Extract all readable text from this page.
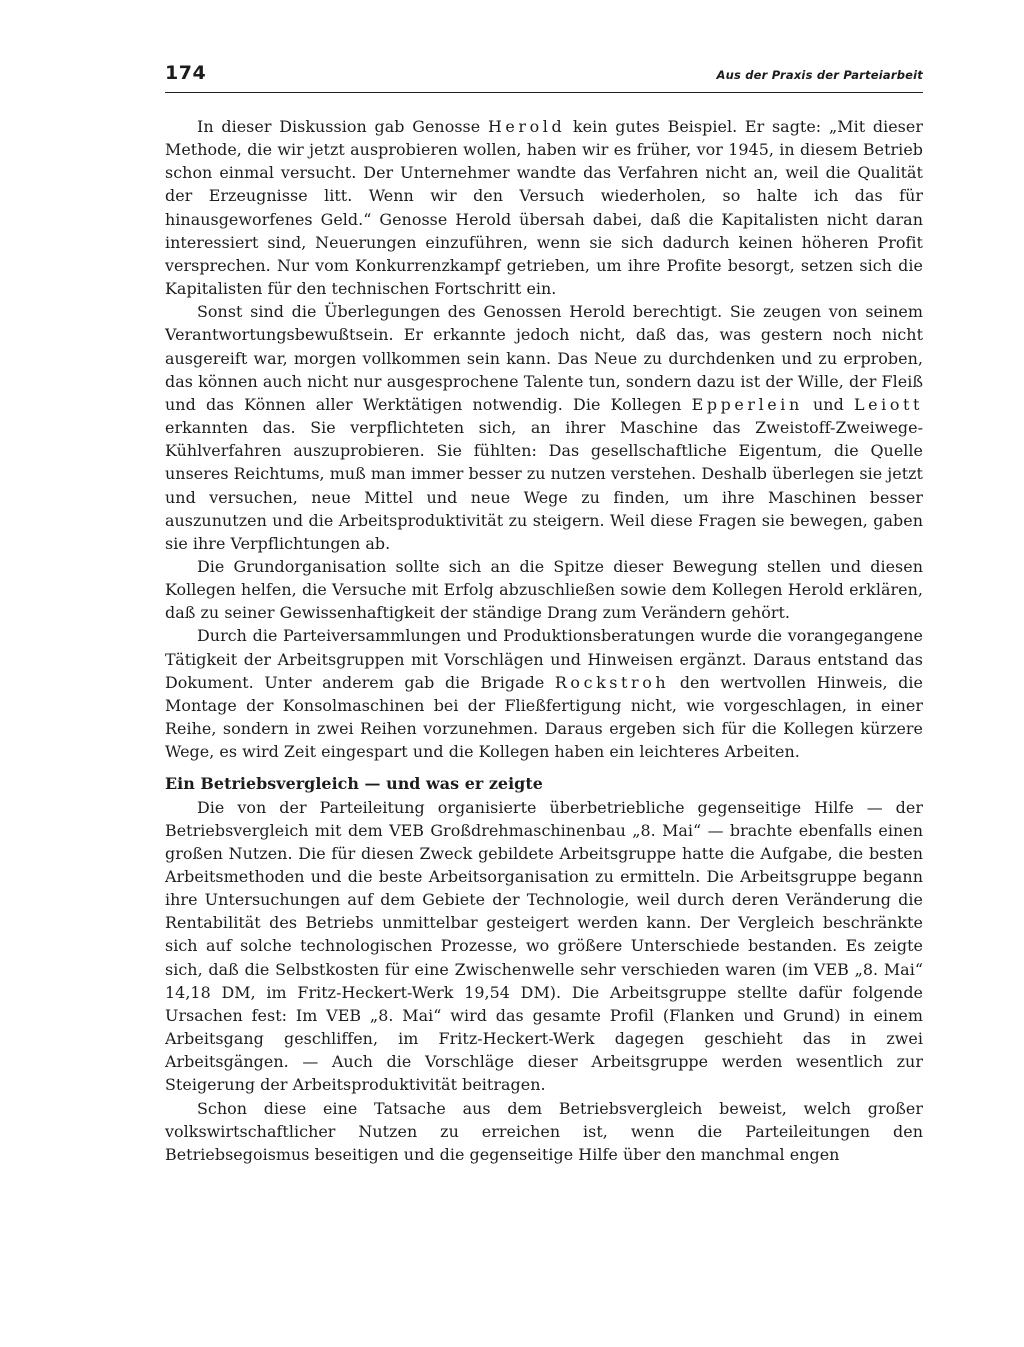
174	Aus der Praxis der Parteiarbeit

In dieser Diskussion gab Genosse Herold kein gutes Beispiel. Er sagte: „Mit dieser Methode, die wir jetzt ausprobieren wollen, haben wir es früher, vor 1945, in diesem Betrieb schon einmal versucht. Der Unternehmer wandte das Verfahren nicht an, weil die Qualität der Erzeugnisse litt. Wenn wir den Versuch wiederholen, so halte ich das für hinausgeworfenes Geld.“ Genosse Herold übersah dabei, daß die Kapitalisten nicht daran interessiert sind, Neuerungen einzuführen, wenn sie sich dadurch keinen höheren Profit versprechen. Nur vom Konkurrenzkampf getrieben, um ihre Profite besorgt, setzen sich die Kapitalisten für den technischen Fortschritt ein.

Sonst sind die Überlegungen des Genossen Herold berechtigt. Sie zeugen von seinem Verantwortungsbewußtsein. Er erkannte jedoch nicht, daß das, was gestern noch nicht ausgereift war, morgen vollkommen sein kann. Das Neue zu durchdenken und zu erproben, das können auch nicht nur ausgesprochene Talente tun, sondern dazu ist der Wille, der Fleiß und das Können aller Werktätigen notwendig. Die Kollegen Epperlein und Leiott erkannten das. Sie verpflichteten sich, an ihrer Maschine das Zweistoff-Zweiwege-Kühlverfahren auszuprobieren. Sie fühlten: Das gesellschaftliche Eigentum, die Quelle unseres Reichtums, muß man immer besser zu nutzen verstehen. Deshalb überlegen sie jetzt und versuchen, neue Mittel und neue Wege zu finden, um ihre Maschinen besser auszunutzen und die Arbeitsproduktivität zu steigern. Weil diese Fragen sie bewegen, gaben sie ihre Verpflichtungen ab.

Die Grundorganisation sollte sich an die Spitze dieser Bewegung stellen und diesen Kollegen helfen, die Versuche mit Erfolg abzuschließen sowie dem Kollegen Herold erklären, daß zu seiner Gewissenhaftigkeit der ständige Drang zum Verändern gehört.

Durch die Parteiversammlungen und Produktionsberatungen wurde die vorangegangene Tätigkeit der Arbeitsgruppen mit Vorschlägen und Hinweisen ergänzt. Daraus entstand das Dokument. Unter anderem gab die Brigade Rockstroh den wertvollen Hinweis, die Montage der Konsolmaschinen bei der Fließfertigung nicht, wie vorgeschlagen, in einer Reihe, sondern in zwei Reihen vorzunehmen. Daraus ergeben sich für die Kollegen kürzere Wege, es wird Zeit eingespart und die Kollegen haben ein leichteres Arbeiten.

Ein Betriebsvergleich — und was er zeigte

Die von der Parteileitung organisierte überbetriebliche gegenseitige Hilfe — der Betriebsvergleich mit dem VEB Großdrehmaschinenbau „8. Mai“ — brachte ebenfalls einen großen Nutzen. Die für diesen Zweck gebildete Arbeitsgruppe hatte die Aufgabe, die besten Arbeitsmethoden und die beste Arbeitsorganisation zu ermitteln. Die Arbeitsgruppe begann ihre Untersuchungen auf dem Gebiete der Technologie, weil durch deren Veränderung die Rentabilität des Betriebs unmittelbar gesteigert werden kann. Der Vergleich beschränkte sich auf solche technologischen Prozesse, wo größere Unterschiede bestanden. Es zeigte sich, daß die Selbstkosten für eine Zwischenwelle sehr verschieden waren (im VEB „8. Mai“ 14,18 DM, im Fritz-Heckert-Werk 19,54 DM). Die Arbeitsgruppe stellte dafür folgende Ursachen fest: Im VEB „8. Mai“ wird das gesamte Profil (Flanken und Grund) in einem Arbeitsgang geschliffen, im Fritz-Heckert-Werk dagegen geschieht das in zwei Arbeitsgängen. — Auch die Vorschläge dieser Arbeitsgruppe werden wesentlich zur Steigerung der Arbeitsproduktivität beitragen.

Schon diese eine Tatsache aus dem Betriebsvergleich beweist, welch großer volkswirtschaftlicher Nutzen zu erreichen ist, wenn die Parteileitungen den Betriebsegoismus beseitigen und die gegenseitige Hilfe über den manchmal engen
